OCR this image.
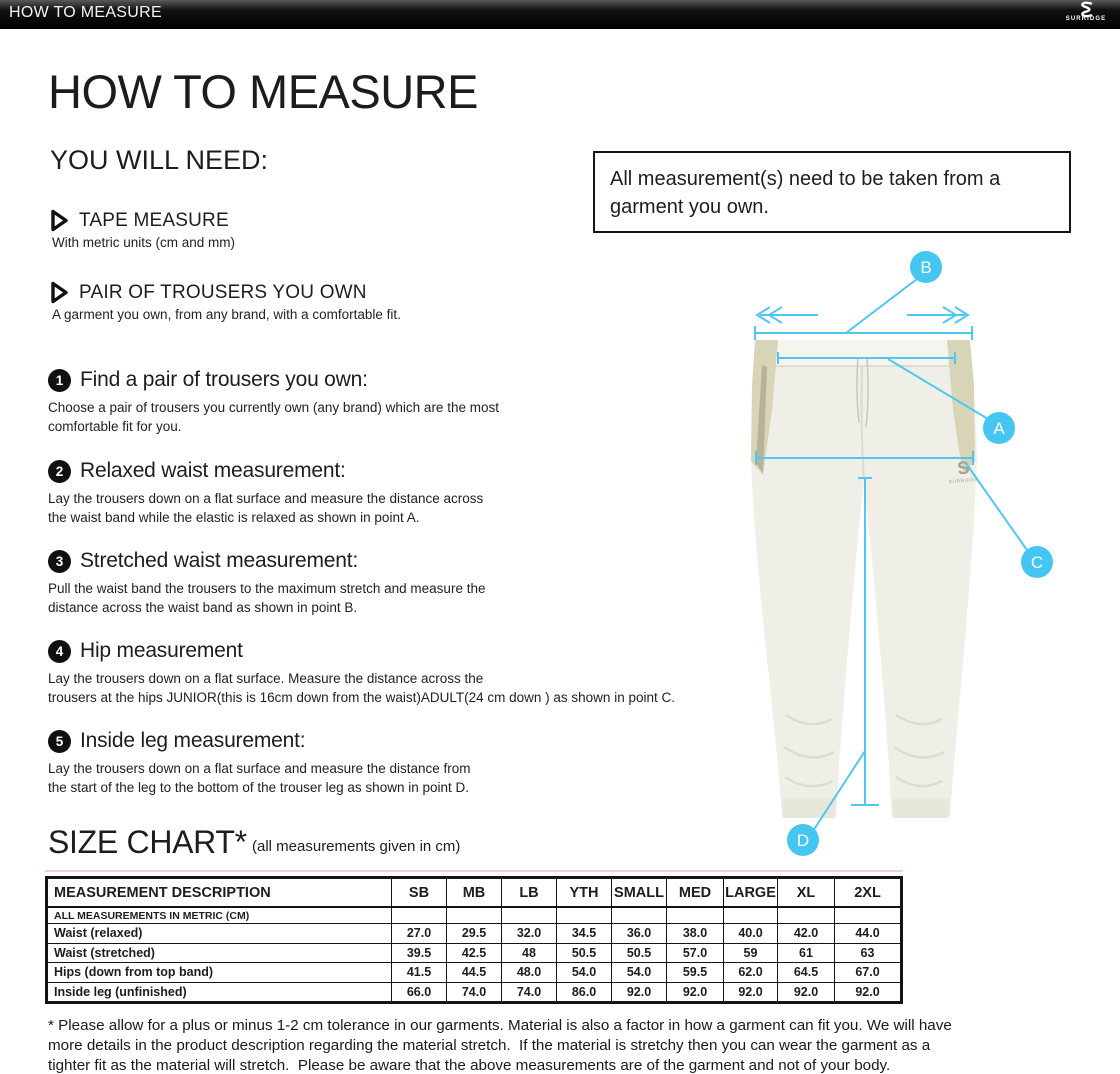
HOW TO MEASURE	SURRIDGE
HOW TO MEASURE
YOU WILL NEED:
TAPE MEASURE
With metric units (cm and mm)
PAIR OF TROUSERS YOU OWN
A garment you own, from any brand, with a comfortable fit.
All measurement(s) need to be taken from a
garment you own.
1 Find a pair of trousers you own:
Choose a pair of trousers you currently own (any brand) which are the most
comfortable fit for you.
2 Relaxed waist measurement:
Lay the trousers down on a flat surface and measure the distance across
the waist band while the elastic is relaxed as shown in point A.
3 Stretched waist measurement:
Pull the waist band the trousers to the maximum stretch and measure the
distance across the waist band as shown in point B.
4 Hip measurement
Lay the trousers down on a flat surface. Measure the distance across the
trousers at the hips JUNIOR(this is 16cm down from the waist)ADULT(24 cm down ) as shown in point C.
5 Inside leg measurement:
Lay the trousers down on a flat surface and measure the distance from
the start of the leg to the bottom of the trouser leg as shown in point D.
S
SURRIDGE
B
A
C
D
SIZE CHART* (all measurements given in cm)
MEASUREMENT DESCRIPTION	SB	MB	LB	YTH	SMALL	MED	LARGE	XL	2XL
ALL MEASUREMENTS IN METRIC (CM)									
Waist (relaxed)	27.0	29.5	32.0	34.5	36.0	38.0	40.0	42.0	44.0
Waist (stretched)	39.5	42.5	48	50.5	50.5	57.0	59	61	63
Hips (down from top band)	41.5	44.5	48.0	54.0	54.0	59.5	62.0	64.5	67.0
Inside leg (unfinished)	66.0	74.0	74.0	86.0	92.0	92.0	92.0	92.0	92.0
* Please allow for a plus or minus 1-2 cm tolerance in our garments. Material is also a factor in how a garment can fit you. We will have
more details in the product description regarding the material stretch.  If the material is stretchy then you can wear the garment as a
tighter fit as the material will stretch.  Please be aware that the above measurements are of the garment and not of your body.
